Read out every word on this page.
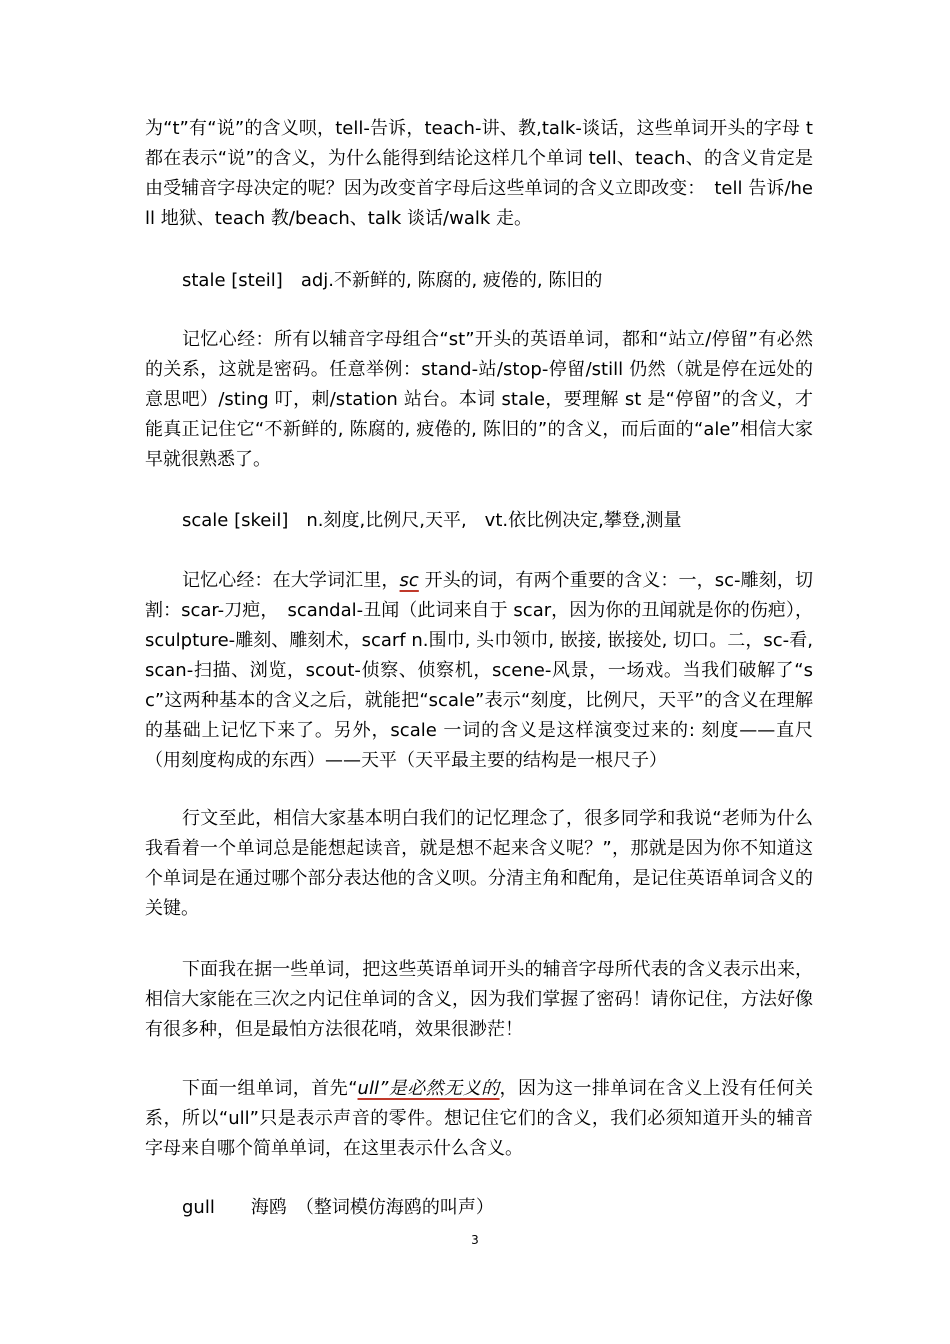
为“t”有“说”的含义呗，tell-告诉，teach-讲、教,talk-谈话，这些单词开头的字母 t 都在表示“说”的含义，为什么能得到结论这样几个单词 tell、teach、的含义肯定是由受辅音字母决定的呢？因为改变首字母后这些单词的含义立即改变：　tell 告诉/hell 地狱、teach 教/beach、talk 谈话/walk 走。

stale [steil]　adj.不新鲜的, 陈腐的, 疲倦的, 陈旧的

记忆心经：所有以辅音字母组合“st”开头的英语单词，都和“站立/停留”有必然的关系，这就是密码。任意举例：stand-站/stop-停留/still 仍然（就是停在远处的意思吧）/sting 叮，刺/station 站台。本词 stale，要理解 st 是“停留”的含义，才能真正记住它“不新鲜的, 陈腐的, 疲倦的, 陈旧的”的含义，而后面的“ale”相信大家早就很熟悉了。

scale [skeil]　n.刻度,比例尺,天平,　vt.依比例决定,攀登,测量

记忆心经：在大学词汇里，sc 开头的词，有两个重要的含义：一，sc-雕刻，切割：scar-刀疤，　scandal-丑闻（此词来自于 scar，因为你的丑闻就是你的伤疤），sculpture-雕刻、雕刻术，scarf n.围巾, 头巾领巾, 嵌接, 嵌接处, 切口。二，sc-看,scan-扫描、浏览，scout-侦察、侦察机，scene-风景，一场戏。当我们破解了“sc”这两种基本的含义之后，就能把“scale”表示“刻度，比例尺，天平”的含义在理解的基础上记忆下来了。另外，scale 一词的含义是这样演变过来的: 刻度——直尺（用刻度构成的东西）——天平（天平最主要的结构是一根尺子）

行文至此，相信大家基本明白我们的记忆理念了，很多同学和我说“老师为什么我看着一个单词总是能想起读音，就是想不起来含义呢？”，那就是因为你不知道这个单词是在通过哪个部分表达他的含义呗。分清主角和配角，是记住英语单词含义的关键。

下面我在据一些单词，把这些英语单词开头的辅音字母所代表的含义表示出来，相信大家能在三次之内记住单词的含义，因为我们掌握了密码！请你记住，方法好像有很多种，但是最怕方法很花哨，效果很渺茫！

下面一组单词，首先“ull”是必然无义的，因为这一排单词在含义上没有任何关系，所以“ull”只是表示声音的零件。想记住它们的含义，我们必须知道开头的辅音字母来自哪个简单单词，在这里表示什么含义。

gull　　海鸥　（整词模仿海鸥的叫声）

3
